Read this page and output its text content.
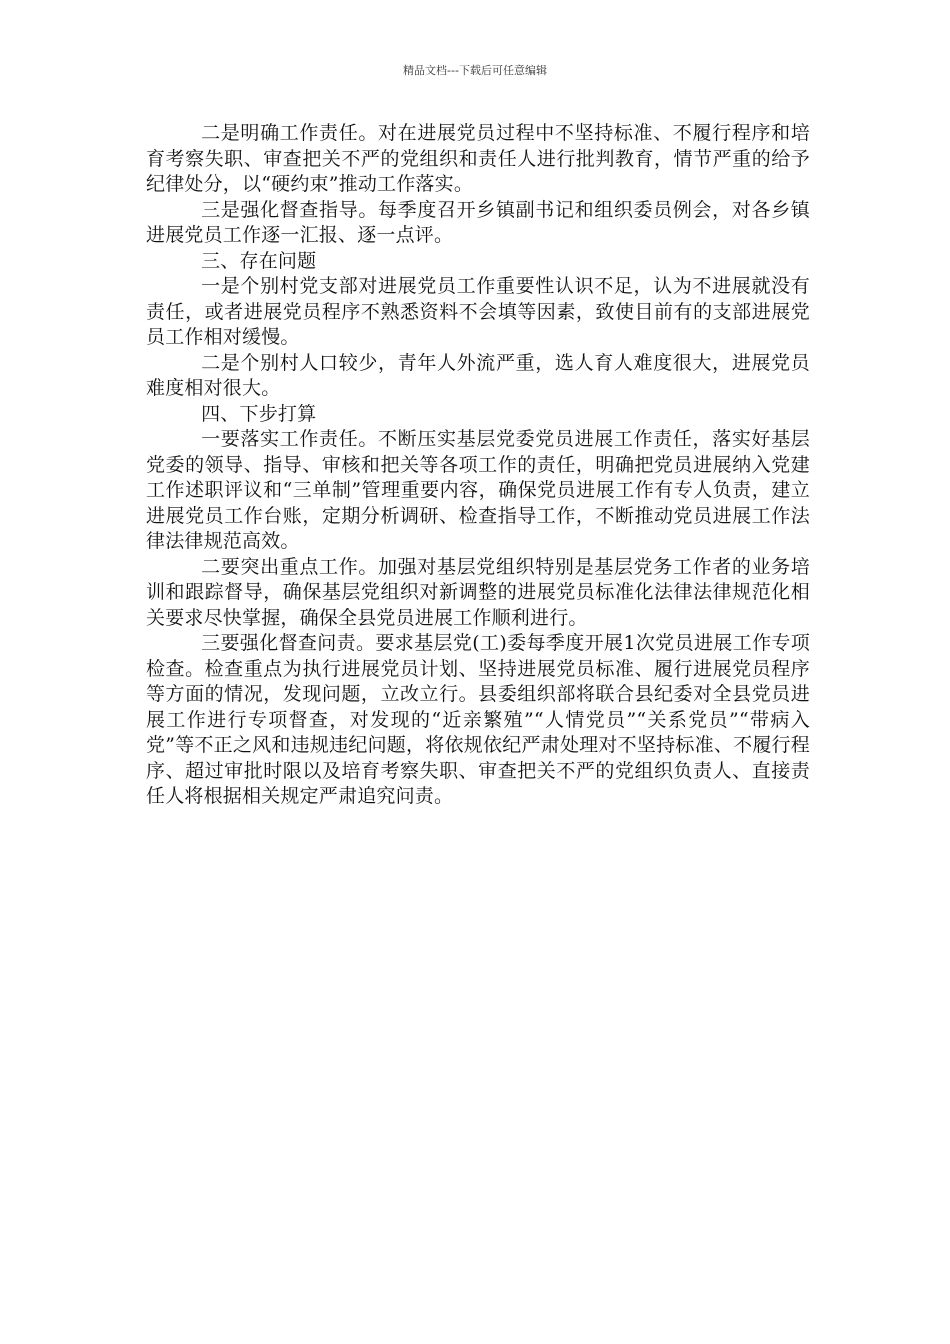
精品文档---下载后可任意编辑

二是明确工作责任。对在进展党员过程中不坚持标准、不履行程序和培育考察失职、审查把关不严的党组织和责任人进行批判教育，情节严重的给予纪律处分，以“硬约束”推动工作落实。

三是强化督查指导。每季度召开乡镇副书记和组织委员例会，对各乡镇进展党员工作逐一汇报、逐一点评。

三、存在问题

一是个别村党支部对进展党员工作重要性认识不足，认为不进展就没有责任，或者进展党员程序不熟悉资料不会填等因素，致使目前有的支部进展党员工作相对缓慢。

二是个别村人口较少，青年人外流严重，选人育人难度很大，进展党员难度相对很大。

四、下步打算

一要落实工作责任。不断压实基层党委党员进展工作责任，落实好基层党委的领导、指导、审核和把关等各项工作的责任，明确把党员进展纳入党建工作述职评议和“三单制”管理重要内容，确保党员进展工作有专人负责，建立进展党员工作台账，定期分析调研、检查指导工作，不断推动党员进展工作法律法律规范高效。

二要突出重点工作。加强对基层党组织特别是基层党务工作者的业务培训和跟踪督导，确保基层党组织对新调整的进展党员标准化法律法律规范化相关要求尽快掌握，确保全县党员进展工作顺利进行。

三要强化督查问责。要求基层党(工)委每季度开展1次党员进展工作专项检查。检查重点为执行进展党员计划、坚持进展党员标准、履行进展党员程序等方面的情况，发现问题，立改立行。县委组织部将联合县纪委对全县党员进展工作进行专项督查，对发现的“近亲繁殖”“人情党员”“关系党员”“带病入党”等不正之风和违规违纪问题，将依规依纪严肃处理对不坚持标准、不履行程序、超过审批时限以及培育考察失职、审查把关不严的党组织负责人、直接责任人将根据相关规定严肃追究问责。
